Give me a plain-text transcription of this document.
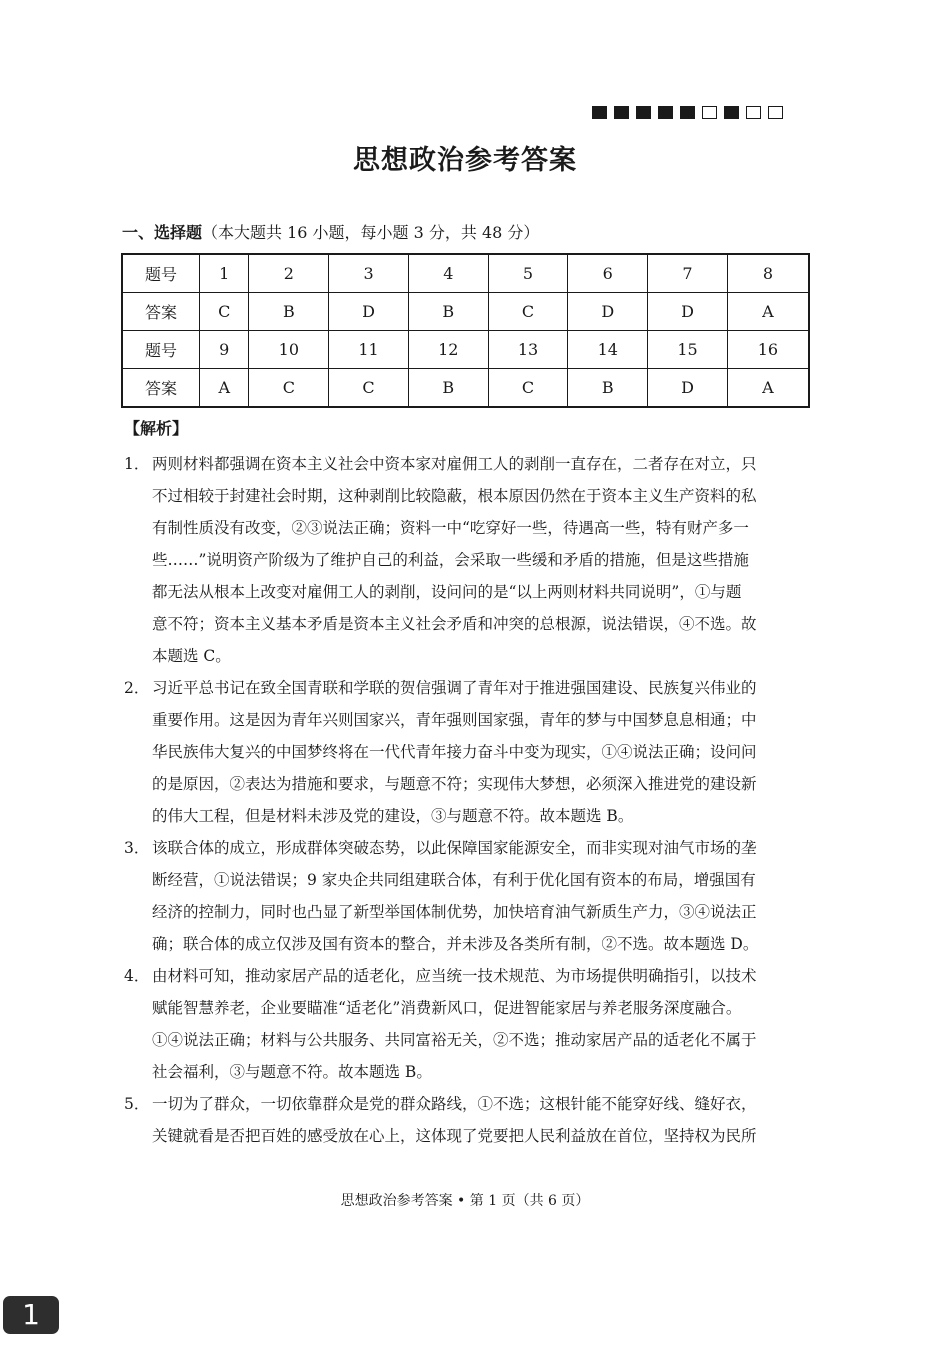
思想政治参考答案
一、选择题（本大题共 16 小题，每小题 3 分，共 48 分）
题号	1	2	3	4	5	6	7	8
答案	C	B	D	B	C	D	D	A
题号	9	10	11	12	13	14	15	16
答案	A	C	C	B	C	B	D	A
【解析】
1． 两则材料都强调在资本主义社会中资本家对雇佣工人的剥削一直存在，二者存在对立，只

不过相较于封建社会时期，这种剥削比较隐蔽，根本原因仍然在于资本主义生产资料的私

有制性质没有改变，②③说法正确；资料一中“吃穿好一些，待遇高一些，特有财产多一

些……”说明资产阶级为了维护自己的利益，会采取一些缓和矛盾的措施，但是这些措施

都无法从根本上改变对雇佣工人的剥削，设问问的是“以上两则材料共同说明”，①与题

意不符；资本主义基本矛盾是资本主义社会矛盾和冲突的总根源，说法错误，④不选。故

本题选 C。

2． 习近平总书记在致全国青联和学联的贺信强调了青年对于推进强国建设、民族复兴伟业的

重要作用。这是因为青年兴则国家兴，青年强则国家强，青年的梦与中国梦息息相通；中

华民族伟大复兴的中国梦终将在一代代青年接力奋斗中变为现实，①④说法正确；设问问

的是原因，②表达为措施和要求，与题意不符；实现伟大梦想，必须深入推进党的建设新

的伟大工程，但是材料未涉及党的建设，③与题意不符。故本题选 B。

3． 该联合体的成立，形成群体突破态势，以此保障国家能源安全，而非实现对油气市场的垄

断经营，①说法错误；9 家央企共同组建联合体，有利于优化国有资本的布局，增强国有

经济的控制力，同时也凸显了新型举国体制优势，加快培育油气新质生产力，③④说法正

确；联合体的成立仅涉及国有资本的整合，并未涉及各类所有制，②不选。故本题选 D。

4． 由材料可知，推动家居产品的适老化，应当统一技术规范、为市场提供明确指引，以技术

赋能智慧养老，企业要瞄准“适老化”消费新风口，促进智能家居与养老服务深度融合。

①④说法正确；材料与公共服务、共同富裕无关，②不选；推动家居产品的适老化不属于

社会福利，③与题意不符。故本题选 B。

5． 一切为了群众，一切依靠群众是党的群众路线，①不选；这根针能不能穿好线、缝好衣，

关键就看是否把百姓的感受放在心上，这体现了党要把人民利益放在首位，坚持权为民所

思想政治参考答案 • 第 1 页（共 6 页）
1
